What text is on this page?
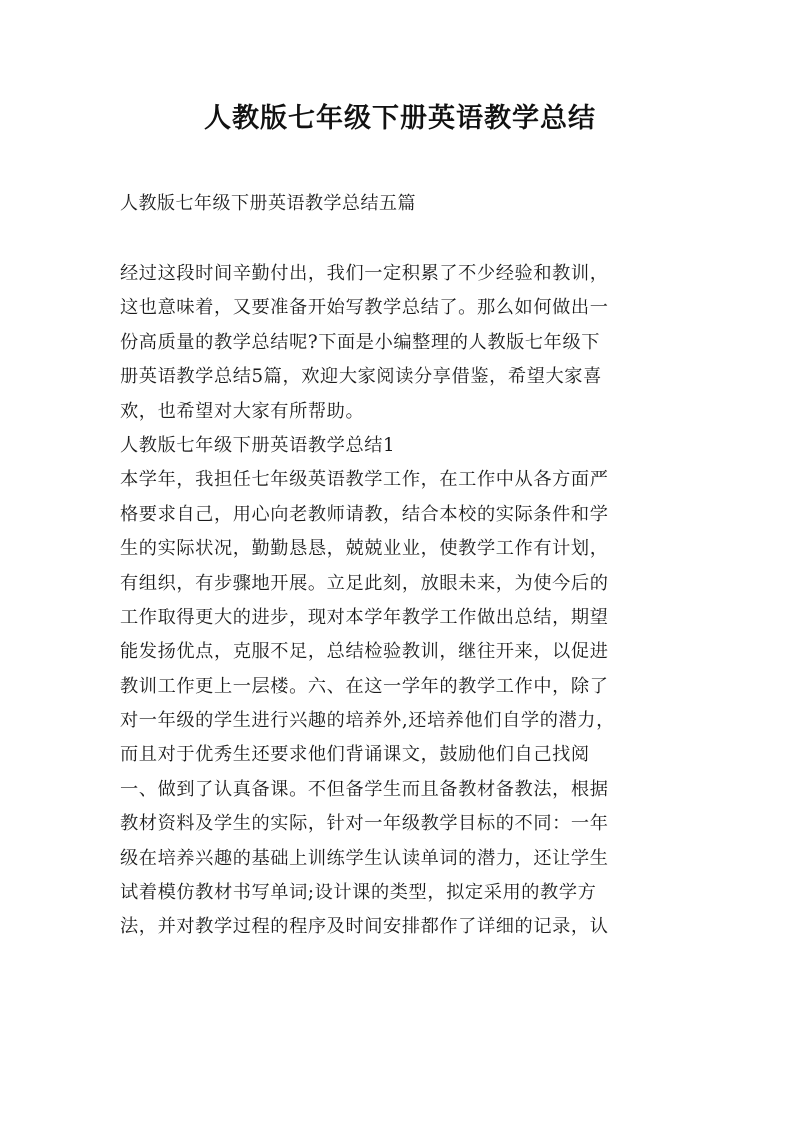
人教版七年级下册英语教学总结

人教版七年级下册英语教学总结五篇

经过这段时间辛勤付出，我们一定积累了不少经验和教训，
这也意味着，又要准备开始写教学总结了。那么如何做出一
份高质量的教学总结呢?下面是小编整理的人教版七年级下
册英语教学总结5篇，欢迎大家阅读分享借鉴，希望大家喜
欢，也希望对大家有所帮助。
人教版七年级下册英语教学总结1
本学年，我担任七年级英语教学工作，在工作中从各方面严
格要求自己，用心向老教师请教，结合本校的实际条件和学
生的实际状况，勤勤恳恳，兢兢业业，使教学工作有计划，
有组织，有步骤地开展。立足此刻，放眼未来，为使今后的
工作取得更大的进步，现对本学年教学工作做出总结，期望
能发扬优点，克服不足，总结检验教训，继往开来，以促进
教训工作更上一层楼。六、在这一学年的教学工作中，除了
对一年级的学生进行兴趣的培养外,还培养他们自学的潜力，
而且对于优秀生还要求他们背诵课文，鼓励他们自己找阅
一、做到了认真备课。不但备学生而且备教材备教法，根据
教材资料及学生的实际，针对一年级教学目标的不同：一年
级在培养兴趣的基础上训练学生认读单词的潜力，还让学生
试着模仿教材书写单词;设计课的类型，拟定采用的教学方
法，并对教学过程的程序及时间安排都作了详细的记录，认
